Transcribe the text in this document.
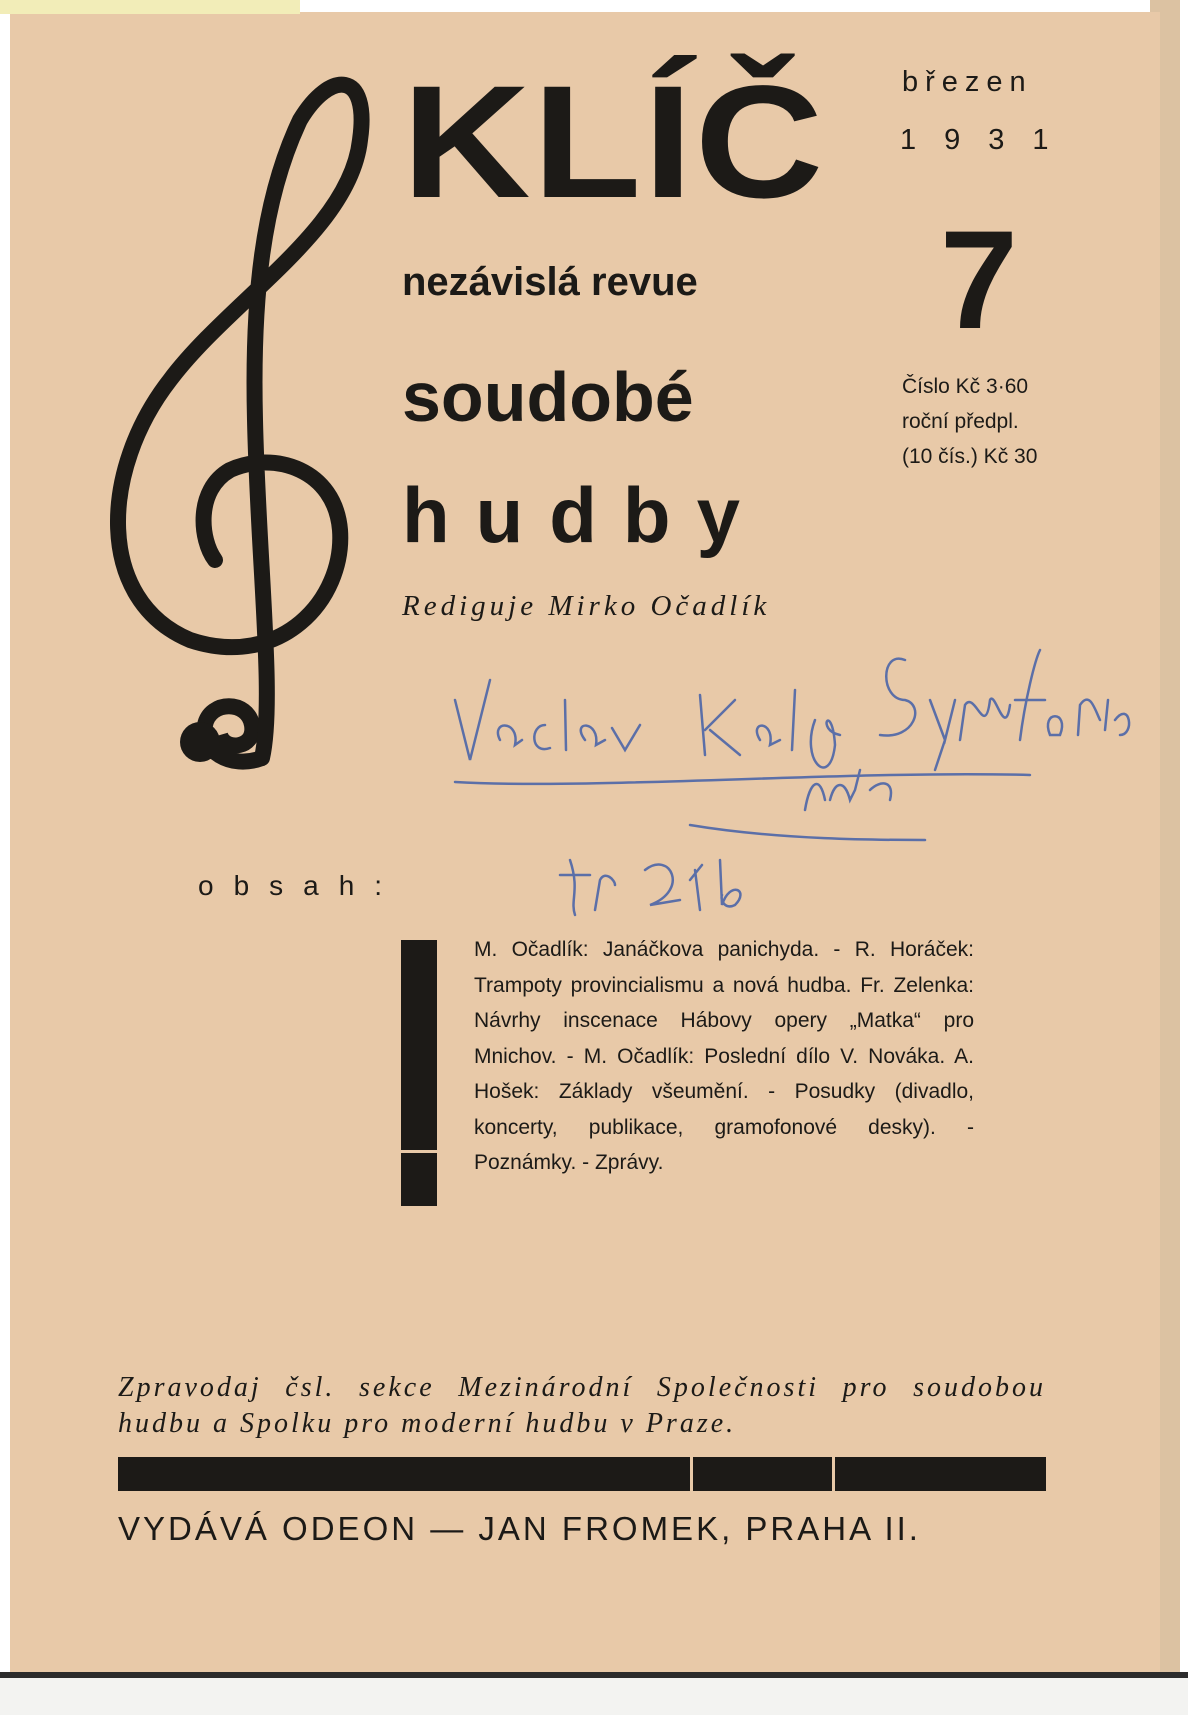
KLÍČ
nezávislá revue
soudobé
hudby
Rediguje Mirko Očadlík
březen
1931
7
Číslo Kč 3·60
roční předpl.
(10 čís.) Kč 30
obsah:
M. Očadlík: Janáčkova panichyda. - R. Horáček: Trampoty provincialismu a nová hudba. Fr. Zelenka: Návrhy inscenace Hábovy opery „Matka“ pro Mnichov. - M. Očadlík: Poslední dílo V. Nováka. A. Hošek: Základy všeumění. - Posudky (divadlo, koncerty, publikace, gramofonové desky). - Poznámky. - Zprávy.
Zpravodaj čsl. sekce Mezinárodní Společnosti pro soudobou hudbu a Spolku pro moderní hudbu v Praze.
VYDÁVÁ ODEON — JAN FROMEK, PRAHA II.
